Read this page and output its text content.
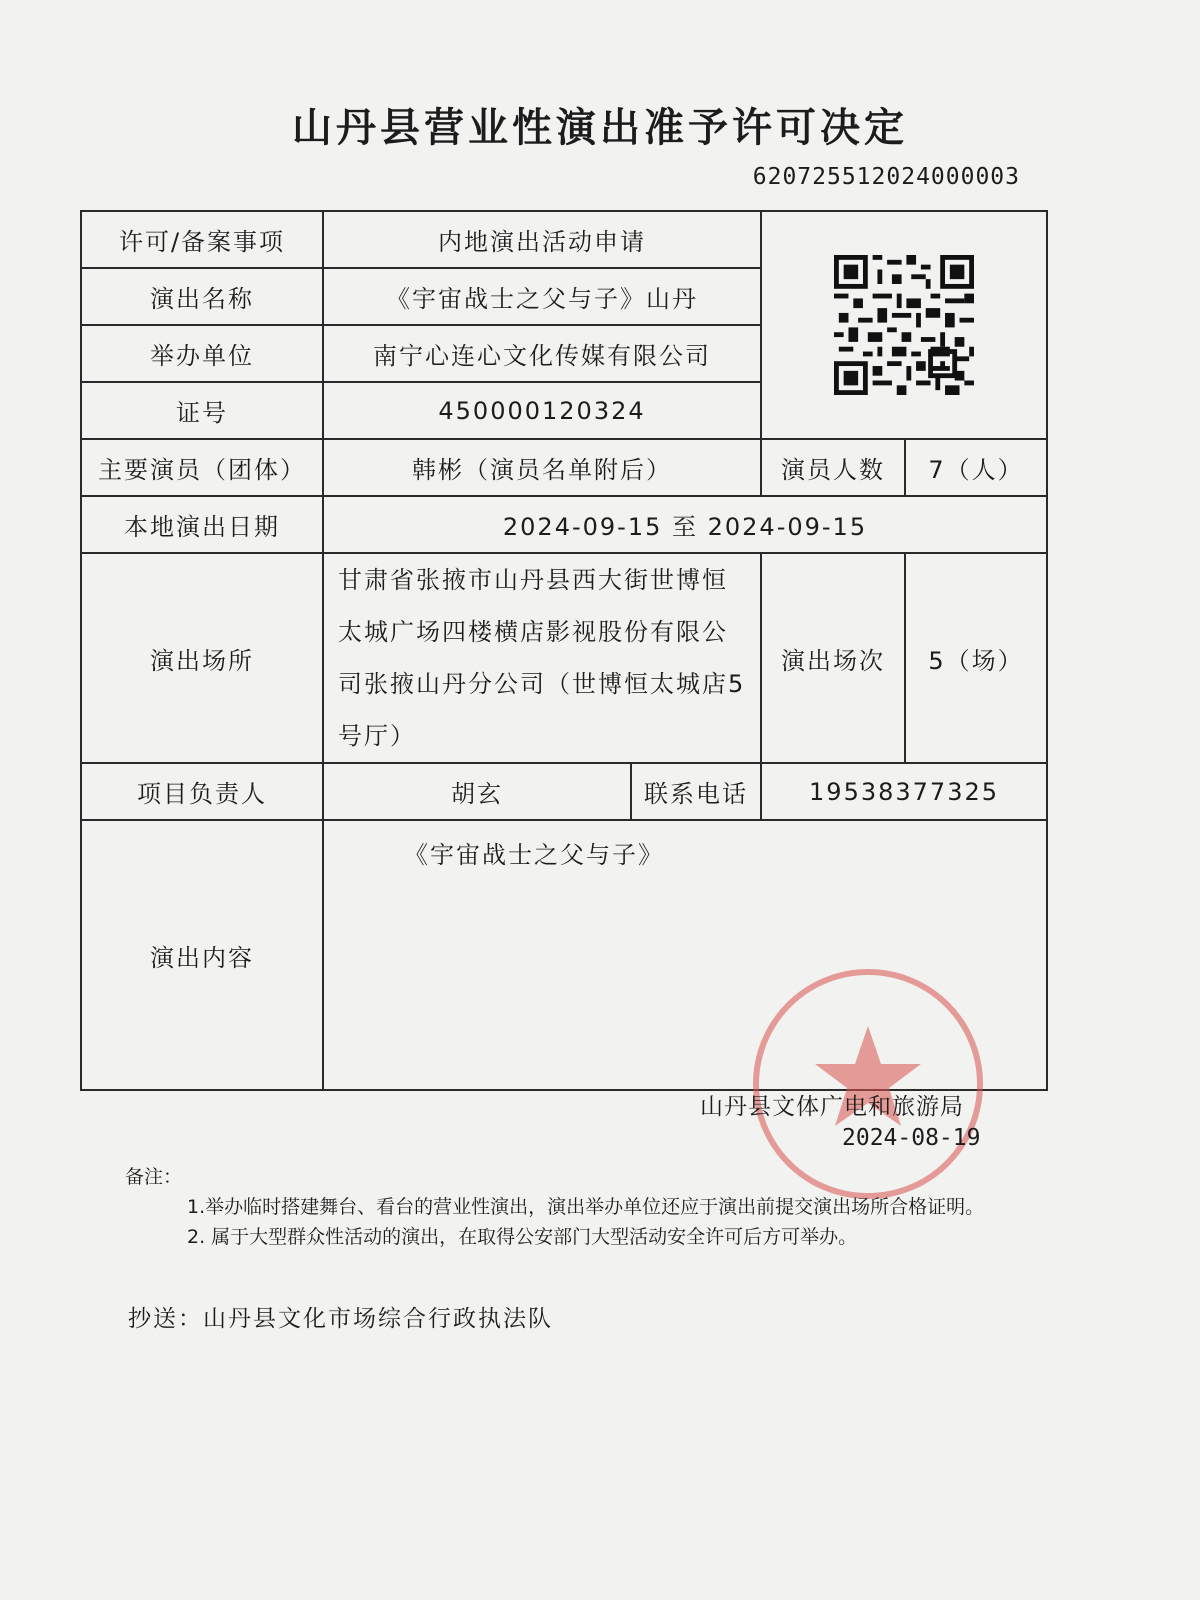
山丹县营业性演出准予许可决定
620725512024000003
许可/备案事项	内地演出活动申请	

演出名称	《宇宙战士之父与子》山丹			
举办单位	南宁心连心文化传媒有限公司			
证号	450000120324			
主要演员（团体）	韩彬（演员名单附后）		演员人数	7（人）
本地演出日期	2024-09-15 至 2024-09-15			
演出场所	甘肃省张掖市山丹县西大街世博恒太城广场四楼横店影视股份有限公司张掖山丹分公司（世博恒太城店5号厅）		演出场次	5（场）
项目负责人	胡玄	联系电话	19538377325	
演出内容	《宇宙战士之父与子》			
山丹县文体广电和旅游局
2024-08-19
备注：
1.举办临时搭建舞台、看台的营业性演出，演出举办单位还应于演出前提交演出场所合格证明。
2. 属于大型群众性活动的演出，在取得公安部门大型活动安全许可后方可举办。
抄送：山丹县文化市场综合行政执法队
